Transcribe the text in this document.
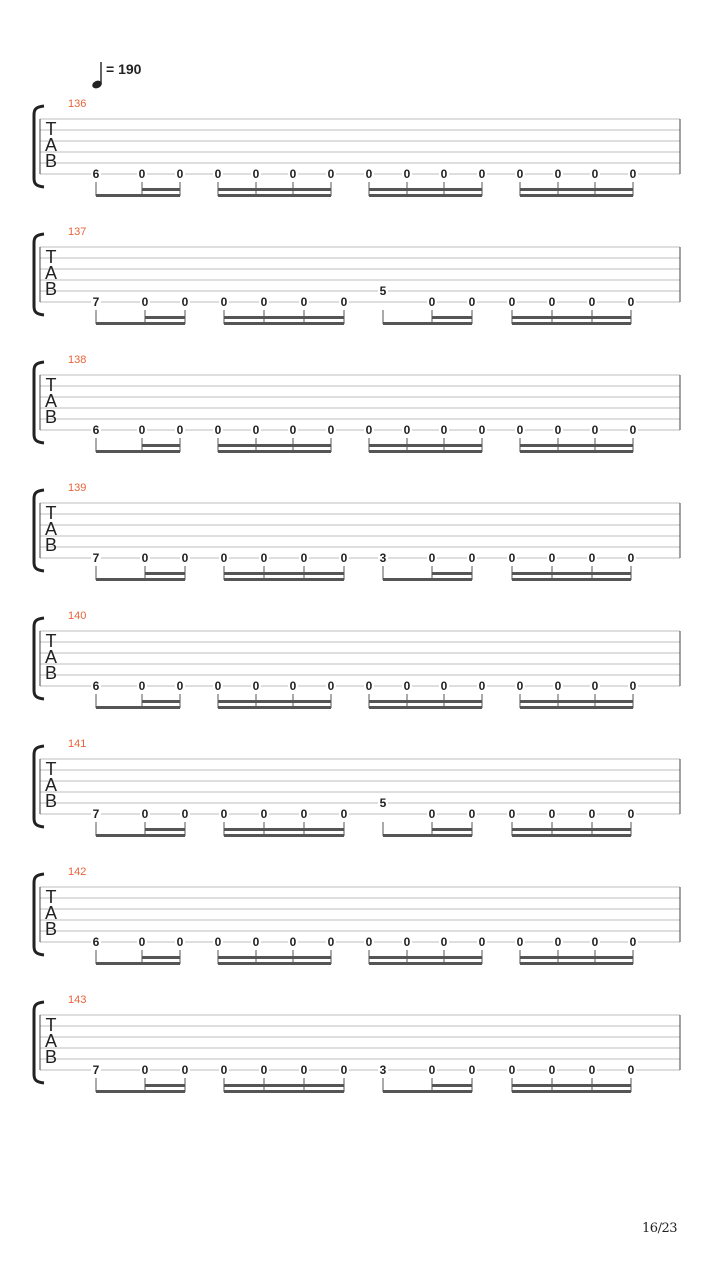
= 190
136
T
A
B
6	0	0	0	0	0	0	0	0	0	0	0	0	0	0
137
T
A
B
7	0	0	0	0	0	0
5
0	0	0	0	0	0
138
T
A
B
6	0	0	0	0	0	0	0	0	0	0	0	0	0	0
139
T
A
B
7	0	0	0	0	0	0	3	0	0	0	0	0	0
140
T
A
B
6	0	0	0	0	0	0	0	0	0	0	0	0	0	0
141
T
A
B
7	0	0	0	0	0	0
5
0	0	0	0	0	0
142
T
A
B
6	0	0	0	0	0	0	0	0	0	0	0	0	0	0
143
T
A
B
7	0	0	0	0	0	0	3	0	0	0	0	0	0
16/23
